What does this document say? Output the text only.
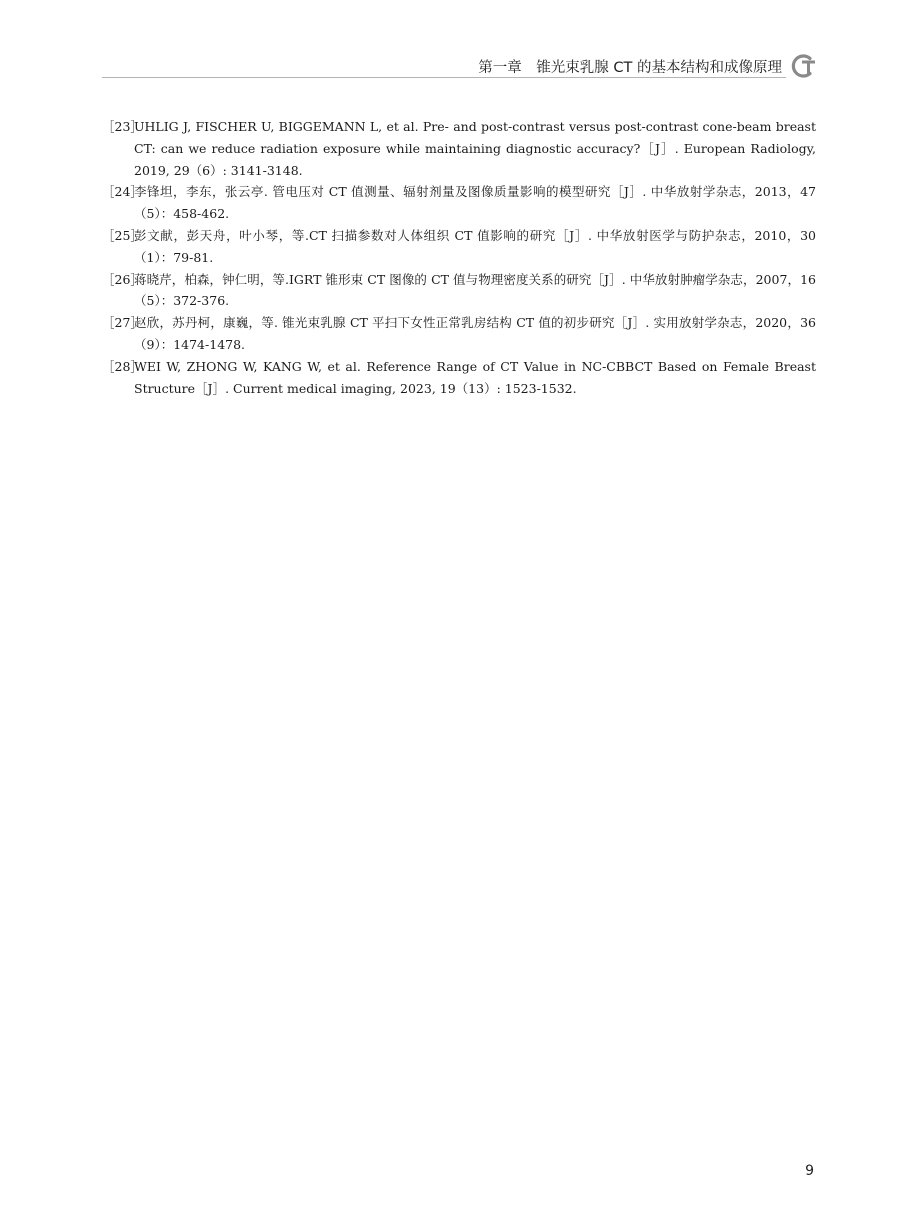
第一章　锥光束乳腺 CT 的基本结构和成像原理
［23］
UHLIG J, FISCHER U, BIGGEMANN L, et al. Pre- and post-contrast versus post-contrast cone-beam breast CT: can we reduce radiation exposure while maintaining diagnostic accuracy?［J］. European Radiology, 2019, 29（6）: 3141-3148.
［24］
李锋坦，李东，张云亭. 管电压对 CT 值测量、辐射剂量及图像质量影响的模型研究［J］. 中华放射学杂志，2013，47（5）：458-462.
［25］
彭文献，彭天舟，叶小琴，等.CT 扫描参数对人体组织 CT 值影响的研究［J］. 中华放射医学与防护杂志，2010，30（1）：79-81.
［26］
蒋晓芹，柏森，钟仁明，等.IGRT 锥形束 CT 图像的 CT 值与物理密度关系的研究［J］. 中华放射肿瘤学杂志，2007，16（5）：372-376.
［27］
赵欣，苏丹柯，康巍，等. 锥光束乳腺 CT 平扫下女性正常乳房结构 CT 值的初步研究［J］. 实用放射学杂志，2020，36（9）：1474-1478.
［28］
WEI W, ZHONG W, KANG W, et al. Reference Range of CT Value in NC-CBBCT Based on Female Breast Structure［J］. Current medical imaging, 2023, 19（13）: 1523-1532.
9
